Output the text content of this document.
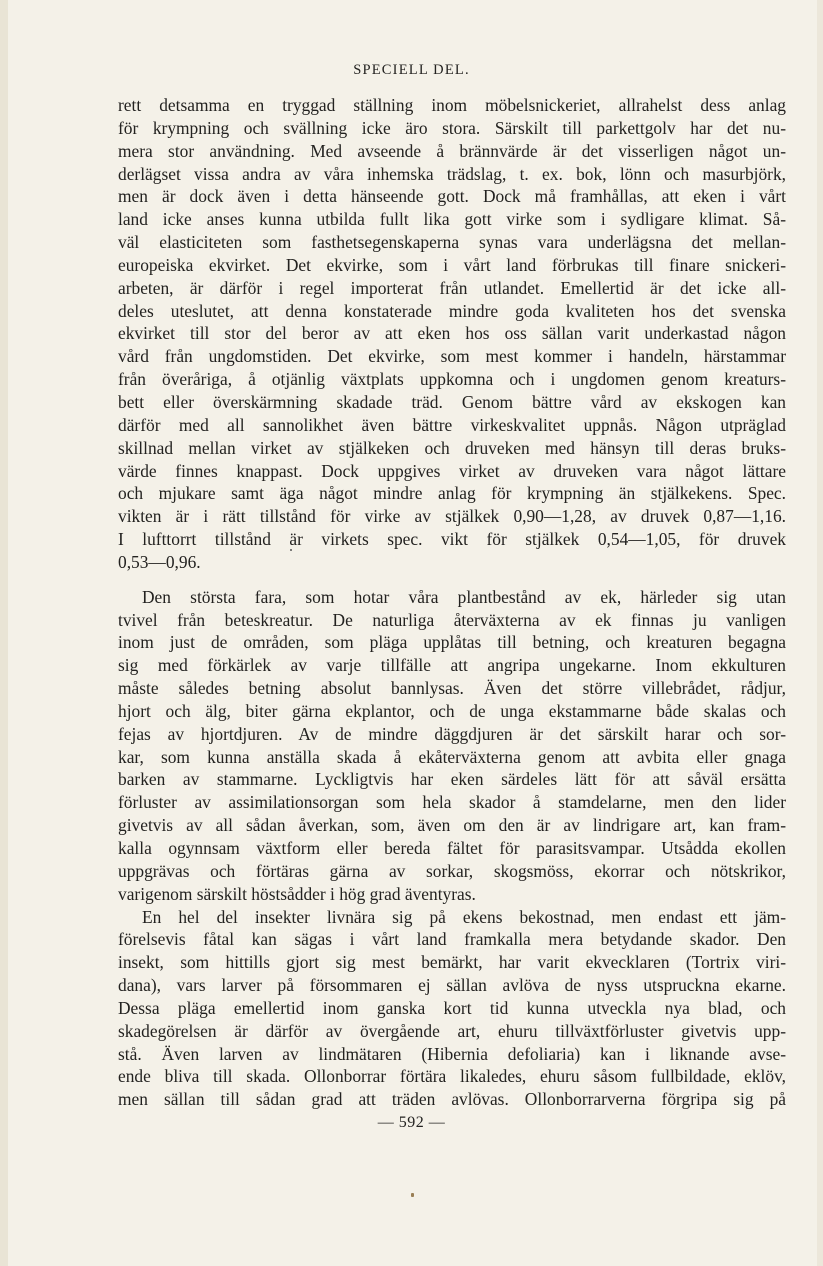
SPECIELL DEL.
rett detsamma en tryggad ställning inom möbelsnickeriet, allrahelst dess anlag
för krympning och svällning icke äro stora. Särskilt till parkettgolv har det nu-
mera stor användning. Med avseende å brännvärde är det visserligen något un-
derlägset vissa andra av våra inhemska trädslag, t. ex. bok, lönn och masurbjörk,
men är dock även i detta hänseende gott. Dock må framhållas, att eken i vårt
land icke anses kunna utbilda fullt lika gott virke som i sydligare klimat. Så-
väl elasticiteten som fasthetsegenskaperna synas vara underlägsna det mellan-
europeiska ekvirket. Det ekvirke, som i vårt land förbrukas till finare snickeri-
arbeten, är därför i regel importerat från utlandet. Emellertid är det icke all-
deles uteslutet, att denna konstaterade mindre goda kvaliteten hos det svenska
ekvirket till stor del beror av att eken hos oss sällan varit underkastad någon
vård från ungdomstiden. Det ekvirke, som mest kommer i handeln, härstammar
från överåriga, å otjänlig växtplats uppkomna och i ungdomen genom kreaturs-
bett eller överskärmning skadade träd. Genom bättre vård av ekskogen kan
därför med all sannolikhet även bättre virkeskvalitet uppnås. Någon utpräglad
skillnad mellan virket av stjälkeken och druveken med hänsyn till deras bruks-
värde finnes knappast. Dock uppgives virket av druveken vara något lättare
och mjukare samt äga något mindre anlag för krympning än stjälkekens. Spec.
vikten är i rätt tillstånd för virke av stjälkek 0,90—1,28, av druvek 0,87—1,16.
I lufttorrt tillstånd är virkets spec. vikt för stjälkek 0,54—1,05, för druvek
0,53—0,96.
Den största fara, som hotar våra plantbestånd av ek, härleder sig utan
tvivel från beteskreatur. De naturliga återväxterna av ek finnas ju vanligen
inom just de områden, som pläga upplåtas till betning, och kreaturen begagna
sig med förkärlek av varje tillfälle att angripa ungekarne. Inom ekkulturen
måste således betning absolut bannlysas. Även det större villebrådet, rådjur,
hjort och älg, biter gärna ekplantor, och de unga ekstammarne både skalas och
fejas av hjortdjuren. Av de mindre däggdjuren är det särskilt harar och sor-
kar, som kunna anställa skada å ekåterväxterna genom att avbita eller gnaga
barken av stammarne. Lyckligtvis har eken särdeles lätt för att såväl ersätta
förluster av assimilationsorgan som hela skador å stamdelarne, men den lider
givetvis av all sådan åverkan, som, även om den är av lindrigare art, kan fram-
kalla ogynnsam växtform eller bereda fältet för parasitsvampar. Utsådda ekollen
uppgrävas och förtäras gärna av sorkar, skogsmöss, ekorrar och nötskrikor,
varigenom särskilt höstsådder i hög grad äventyras.
En hel del insekter livnära sig på ekens bekostnad, men endast ett jäm-
förelsevis fåtal kan sägas i vårt land framkalla mera betydande skador. Den
insekt, som hittills gjort sig mest bemärkt, har varit ekvecklaren (Tortrix viri-
dana), vars larver på försommaren ej sällan avlöva de nyss utspruckna ekarne.
Dessa pläga emellertid inom ganska kort tid kunna utveckla nya blad, och
skadegörelsen är därför av övergående art, ehuru tillväxtförluster givetvis upp-
stå. Även larven av lindmätaren (Hibernia defoliaria) kan i liknande avse-
ende bliva till skada. Ollonborrar förtära likaledes, ehuru såsom fullbildade, eklöv,
men sällan till sådan grad att träden avlövas. Ollonborrarverna förgripa sig på
— 592 —
